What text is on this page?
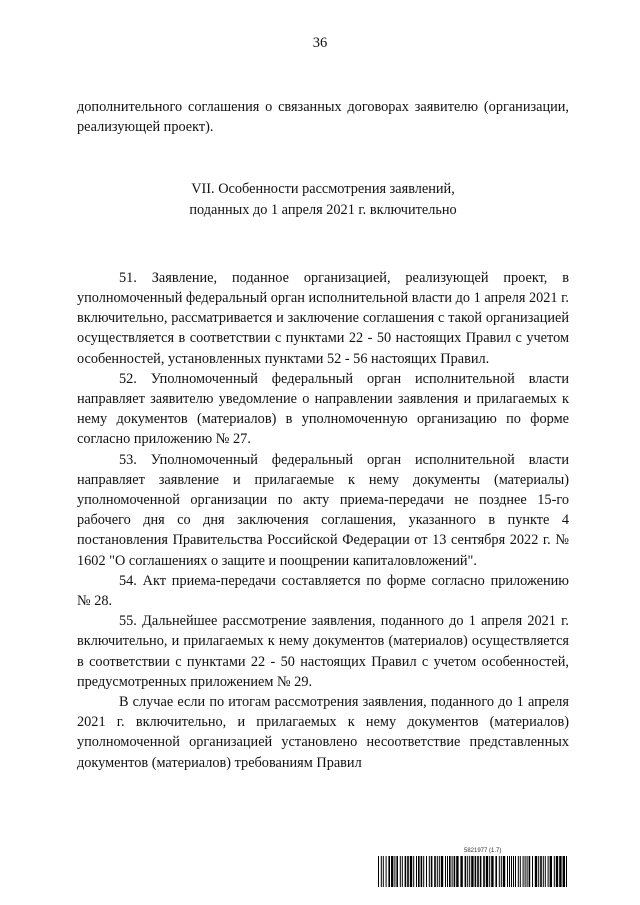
36

дополнительного соглашения о связанных договорах заявителю (организации, реализующей проект).

VII. Особенности рассмотрения заявлений,
поданных до 1 апреля 2021 г. включительно

51. Заявление, поданное организацией, реализующей проект, в уполномоченный федеральный орган исполнительной власти до 1 апреля 2021 г. включительно, рассматривается и заключение соглашения с такой организацией осуществляется в соответствии с пунктами 22 - 50 настоящих Правил с учетом особенностей, установленных пунктами 52 - 56 настоящих Правил.

52. Уполномоченный федеральный орган исполнительной власти направляет заявителю уведомление о направлении заявления и прилагаемых к нему документов (материалов) в уполномоченную организацию по форме согласно приложению № 27.

53. Уполномоченный федеральный орган исполнительной власти направляет заявление и прилагаемые к нему документы (материалы) уполномоченной организации по акту приема-передачи не позднее 15-го рабочего дня со дня заключения соглашения, указанного в пункте 4 постановления Правительства Российской Федерации от 13 сентября 2022 г. № 1602 "О соглашениях о защите и поощрении капиталовложений".

54. Акт приема-передачи составляется по форме согласно приложению № 28.

55. Дальнейшее рассмотрение заявления, поданного до 1 апреля 2021 г. включительно, и прилагаемых к нему документов (материалов) осуществляется в соответствии с пунктами 22 - 50 настоящих Правил с учетом особенностей, предусмотренных приложением № 29.

В случае если по итогам рассмотрения заявления, поданного до 1 апреля 2021 г. включительно, и прилагаемых к нему документов (материалов) уполномоченной организацией установлено несоответствие представленных документов (материалов) требованиям Правил

5821977 (1.7)
